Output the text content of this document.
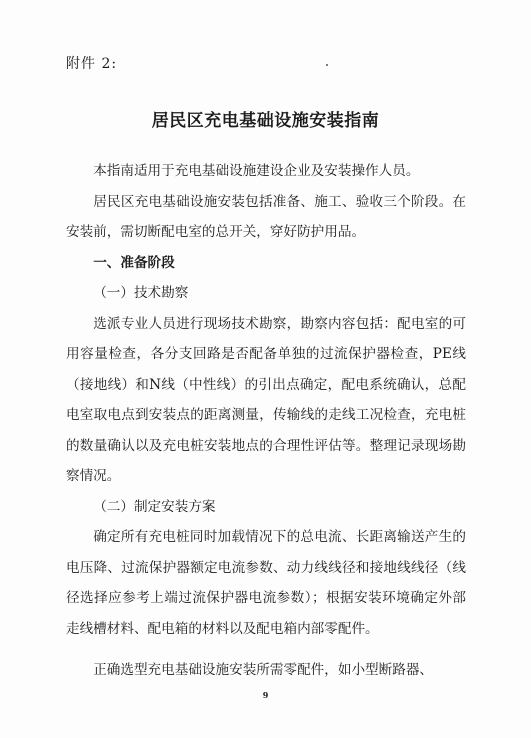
附件 2:
居民区充电基础设施安装指南

本指南适用于充电基础设施建设企业及安装操作人员。

居民区充电基础设施安装包括准备、施工、验收三个阶段。在安装前，需切断配电室的总开关，穿好防护用品。

一、准备阶段

（一）技术勘察

选派专业人员进行现场技术勘察，勘察内容包括：配电室的可用容量检查，各分支回路是否配备单独的过流保护器检查，PE线（接地线）和N线（中性线）的引出点确定，配电系统确认，总配电室取电点到安装点的距离测量，传输线的走线工况检查，充电桩的数量确认以及充电桩安装地点的合理性评估等。整理记录现场勘察情况。

（二）制定安装方案

确定所有充电桩同时加载情况下的总电流、长距离输送产生的电压降、过流保护器额定电流参数、动力线线径和接地线线径（线径选择应参考上端过流保护器电流参数）；根据安装环境确定外部走线槽材料、配电箱的材料以及配电箱内部零配件。

正确选型充电基础设施安装所需零配件，如小型断路器、

9
